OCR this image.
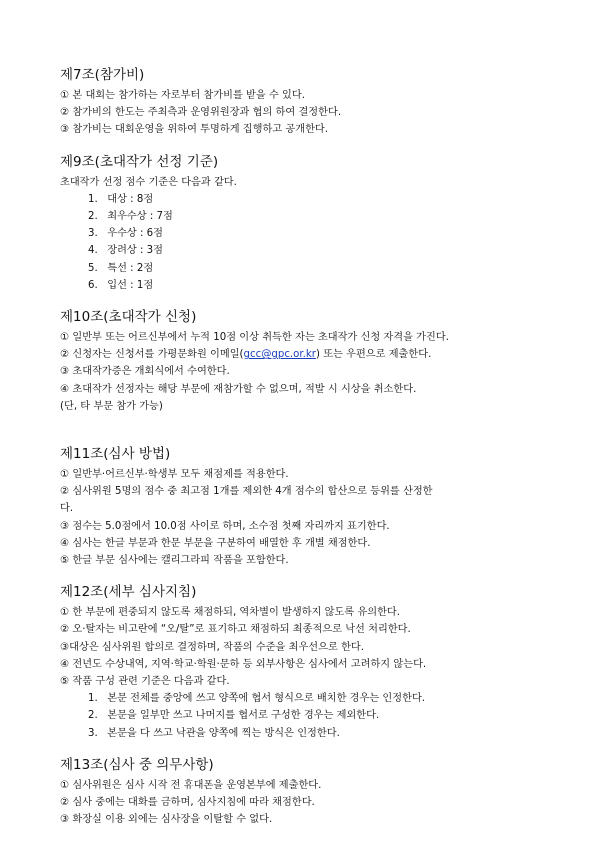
제7조(참가비)
① 본 대회는 참가하는 자로부터 참가비를 받을 수 있다.
② 참가비의 한도는 주최측과 운영위원장과 협의 하여 결정한다.
③ 참가비는 대회운영을 위하여 투명하게 집행하고 공개한다.
제9조(초대작가 선정 기준)
초대작가 선정 점수 기준은 다음과 같다.
1. 대상 : 8점
2. 최우수상 : 7점
3. 우수상 : 6점
4. 장려상 : 3점
5. 특선 : 2점
6. 입선 : 1점
제10조(초대작가 신청)
① 일반부 또는 어르신부에서 누적 10점 이상 취득한 자는 초대작가 신청 자격을 가진다.
② 신청자는 신청서를 가평문화원 이메일(gcc@gpc.or.kr) 또는 우편으로 제출한다.
③ 초대작가증은 개회식에서 수여한다.
④ 초대작가 선정자는 해당 부문에 재참가할 수 없으며, 적발 시 시상을 취소한다.
(단, 타 부문 참가 가능)
제11조(심사 방법)
① 일반부·어르신부·학생부 모두 채점제를 적용한다.
② 심사위원 5명의 점수 중 최고점 1개를 제외한 4개 점수의 합산으로 등위를 산정한
다.
③ 점수는 5.0점에서 10.0점 사이로 하며, 소수점 첫째 자리까지 표기한다.
④ 심사는 한글 부문과 한문 부문을 구분하여 배열한 후 개별 채점한다.
⑤ 한글 부문 심사에는 캘리그라피 작품을 포함한다.
제12조(세부 심사지침)
① 한 부문에 편중되지 않도록 채점하되, 역차별이 발생하지 않도록 유의한다.
② 오·탈자는 비고란에 “오/탈”로 표기하고 채점하되 최종적으로 낙선 처리한다.
③대상은 심사위원 합의로 결정하며, 작품의 수준을 최우선으로 한다.
④ 전년도 수상내역, 지역·학교·학원·문하 등 외부사항은 심사에서 고려하지 않는다.
⑤ 작품 구성 관련 기준은 다음과 같다.
1. 본문 전체를 중앙에 쓰고 양쪽에 협서 형식으로 배치한 경우는 인정한다.
2. 본문을 일부만 쓰고 나머지를 협서로 구성한 경우는 제외한다.
3. 본문을 다 쓰고 낙관을 양쪽에 찍는 방식은 인정한다.
제13조(심사 중 의무사항)
① 심사위원은 심사 시작 전 휴대폰을 운영본부에 제출한다.
② 심사 중에는 대화를 금하며, 심사지침에 따라 채점한다.
③ 화장실 이용 외에는 심사장을 이탈할 수 없다.
